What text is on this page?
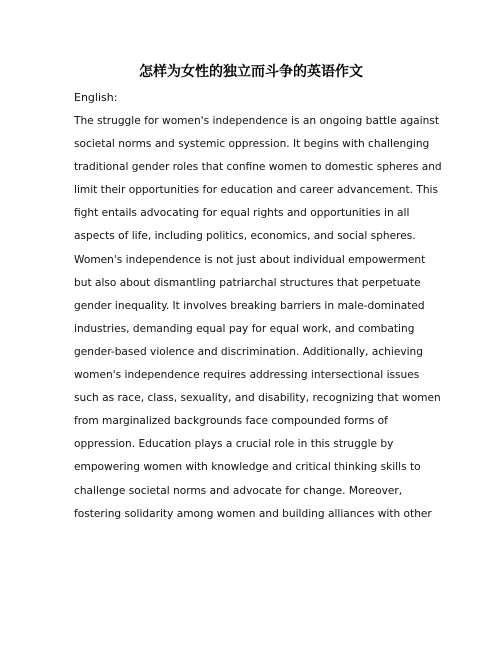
怎样为女性的独立而斗争的英语作文
English:
The struggle for women's independence is an ongoing battle against
societal norms and systemic oppression. It begins with challenging
traditional gender roles that confine women to domestic spheres and
limit their opportunities for education and career advancement. This
fight entails advocating for equal rights and opportunities in all
aspects of life, including politics, economics, and social spheres.
Women's independence is not just about individual empowerment
but also about dismantling patriarchal structures that perpetuate
gender inequality. It involves breaking barriers in male-dominated
industries, demanding equal pay for equal work, and combating
gender-based violence and discrimination. Additionally, achieving
women's independence requires addressing intersectional issues
such as race, class, sexuality, and disability, recognizing that women
from marginalized backgrounds face compounded forms of
oppression. Education plays a crucial role in this struggle by
empowering women with knowledge and critical thinking skills to
challenge societal norms and advocate for change. Moreover,
fostering solidarity among women and building alliances with other
